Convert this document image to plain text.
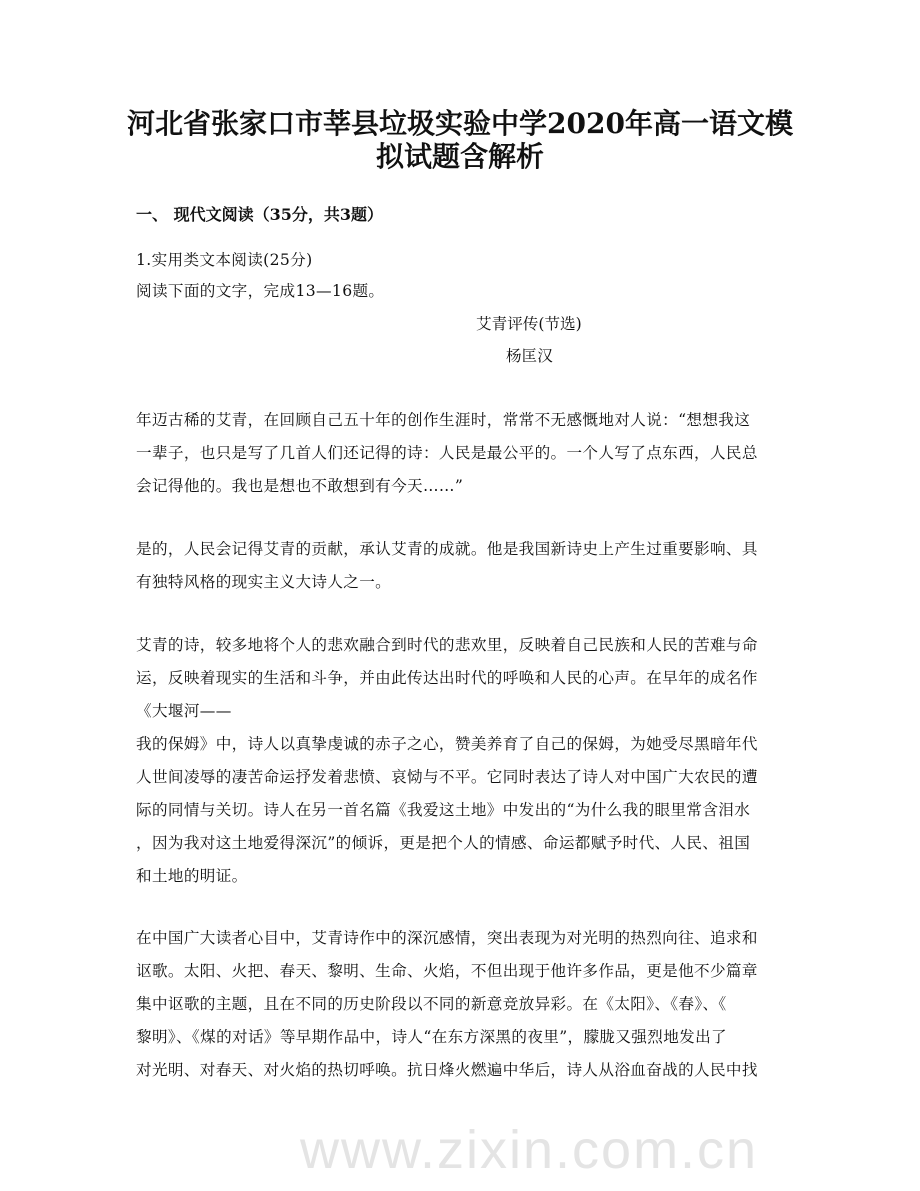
河北省张家口市莘县垃圾实验中学2020年高一语文模
拟试题含解析
一、 现代文阅读（35分，共3题）
1.实用类文本阅读(25分)
阅读下面的文字，完成13—16题。
艾青评传(节选)
杨匡汉
年迈古稀的艾青，在回顾自己五十年的创作生涯时，常常不无感慨地对人说：“想想我这
一辈子，也只是写了几首人们还记得的诗：人民是最公平的。一个人写了点东西，人民总
会记得他的。我也是想也不敢想到有今天……”
是的，人民会记得艾青的贡献，承认艾青的成就。他是我国新诗史上产生过重要影响、具
有独特风格的现实主义大诗人之一。
艾青的诗，较多地将个人的悲欢融合到时代的悲欢里，反映着自己民族和人民的苦难与命
运，反映着现实的生活和斗争，并由此传达出时代的呼唤和人民的心声。在早年的成名作
《大堰河——
我的保姆》中，诗人以真挚虔诚的赤子之心，赞美养育了自己的保姆，为她受尽黑暗年代
人世间凌辱的凄苦命运抒发着悲愤、哀恸与不平。它同时表达了诗人对中国广大农民的遭
际的同情与关切。诗人在另一首名篇《我爱这土地》中发出的“为什么我的眼里常含泪水
，因为我对这土地爱得深沉”的倾诉，更是把个人的情感、命运都赋予时代、人民、祖国
和土地的明证。
在中国广大读者心目中，艾青诗作中的深沉感情，突出表现为对光明的热烈向往、追求和
讴歌。太阳、火把、春天、黎明、生命、火焰，不但出现于他许多作品，更是他不少篇章
集中讴歌的主题，且在不同的历史阶段以不同的新意竞放异彩。在《太阳》、《春》、《
黎明》、《煤的对话》等早期作品中，诗人“在东方深黑的夜里”，朦胧又强烈地发出了
对光明、对春天、对火焰的热切呼唤。抗日烽火燃遍中华后，诗人从浴血奋战的人民中找
www.zixin.com.cn
